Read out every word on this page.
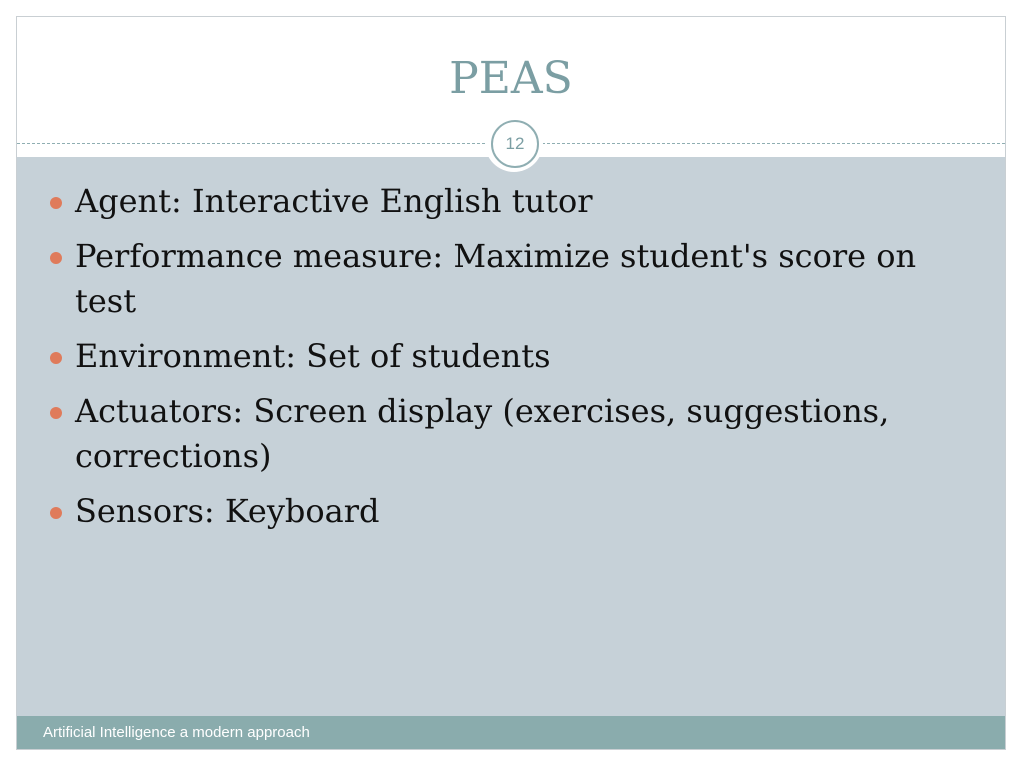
PEAS
12
Agent: Interactive English tutor
Performance measure: Maximize student's score on test
Environment: Set of students
Actuators: Screen display (exercises, suggestions, corrections)
Sensors: Keyboard
Artificial Intelligence a modern approach
